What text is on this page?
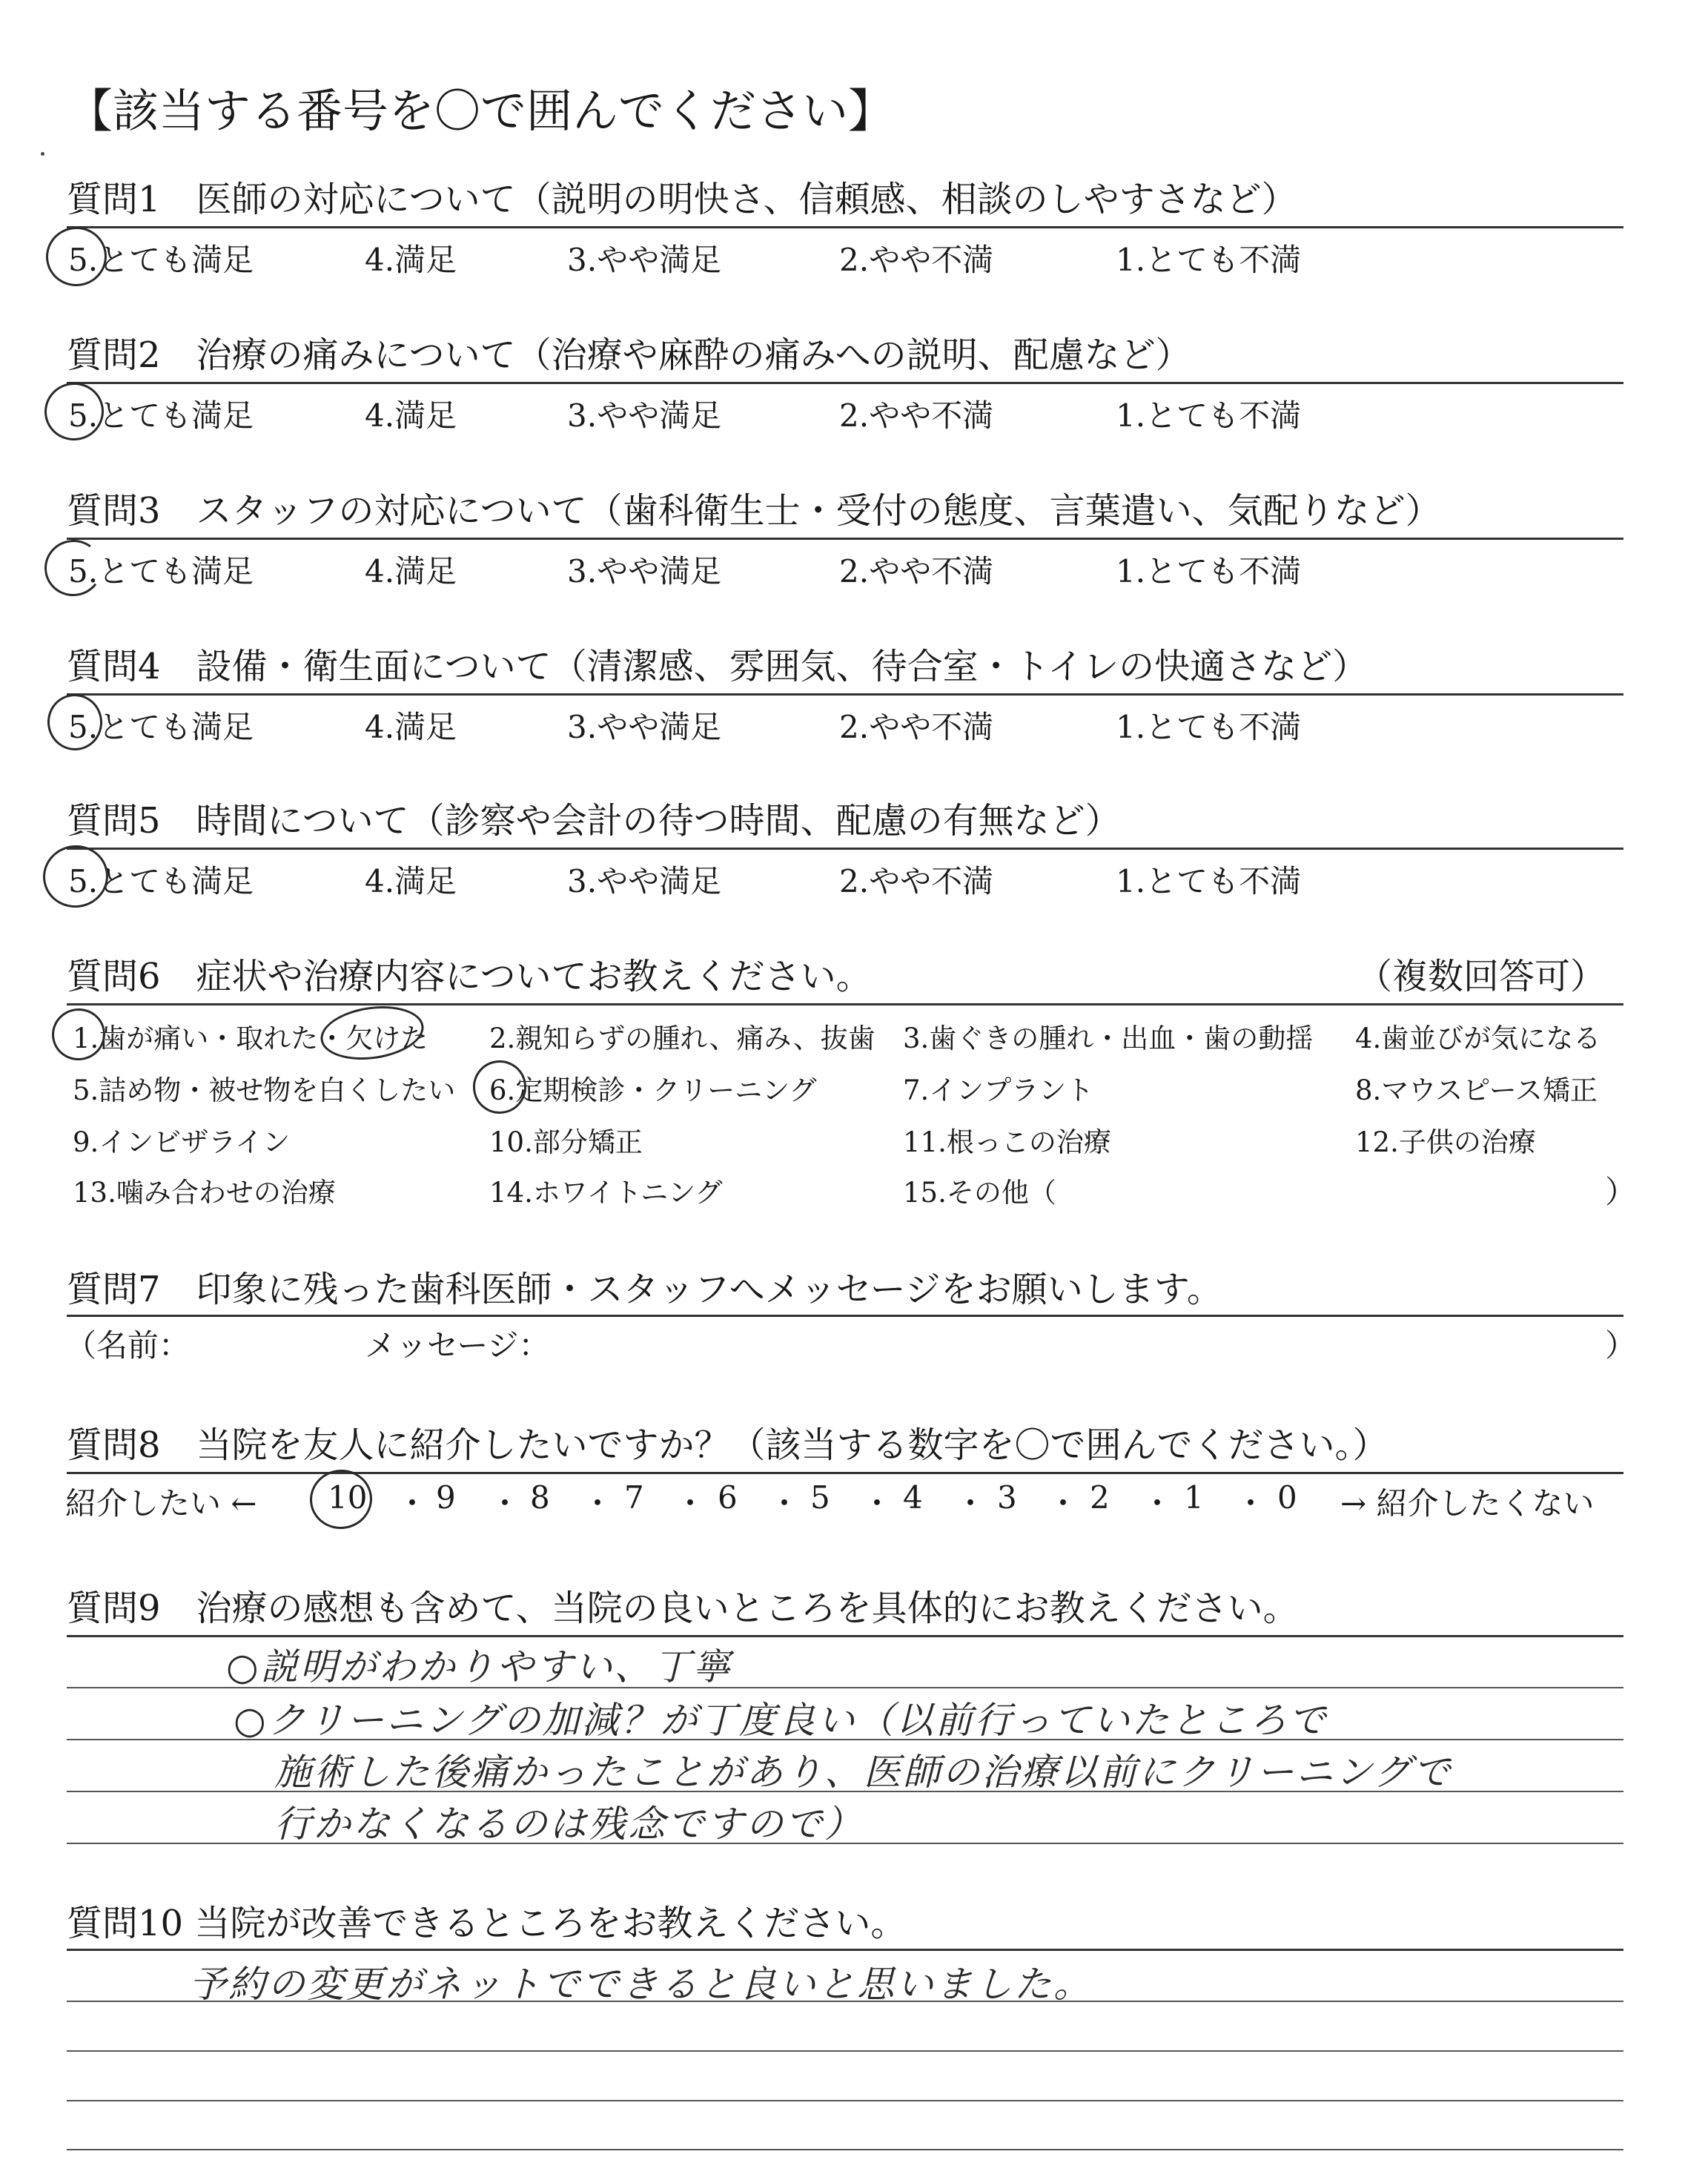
【該当する番号を〇で囲んでください】
質問1　医師の対応について（説明の明快さ、信頼感、相談のしやすさなど）
5.とても満足	4.満足	3.やや満足	2.やや不満	1.とても不満
質問2　治療の痛みについて（治療や麻酔の痛みへの説明、配慮など）
5.とても満足	4.満足	3.やや満足	2.やや不満	1.とても不満
質問3　スタッフの対応について（歯科衛生士・受付の態度、言葉遣い、気配りなど）
5.とても満足	4.満足	3.やや満足	2.やや不満	1.とても不満
質問4　設備・衛生面について（清潔感、雰囲気、待合室・トイレの快適さなど）
5.とても満足	4.満足	3.やや満足	2.やや不満	1.とても不満
質問5　時間について（診察や会計の待つ時間、配慮の有無など）
5.とても満足	4.満足	3.やや満足	2.やや不満	1.とても不満
質問6　症状や治療内容についてお教えください。	（複数回答可）
1.歯が痛い・取れた・欠けた 2.親知らずの腫れ、痛み、抜歯 3.歯ぐきの腫れ・出血・歯の動揺 4.歯並びが気になる
5.詰め物・被せ物を白くしたい 6.定期検診・クリーニング	7.インプラント	8.マウスピース矯正
9.インビザライン	10.部分矯正	11.根っこの治療	12.子供の治療
13.噛み合わせの治療	14.ホワイトニング	15.その他（	）
質問7　印象に残った歯科医師・スタッフへメッセージをお願いします。
（名前：	メッセージ：	）
質問8　当院を友人に紹介したいですか？（該当する数字を〇で囲んでください。）
紹介したい ← 10 ・ 9 ・ 8 ・ 7 ・ 6 ・ 5 ・ 4 ・ 3 ・ 2 ・ 1 ・ 0 → 紹介したくない
質問9　治療の感想も含めて、当院の良いところを具体的にお教えください。
○説明がわかりやすい、丁寧
○クリーニングの加減？が丁度良い（以前行っていたところで
施術した後痛かったことがあり、医師の治療以前にクリーニングで
行かなくなるのは残念ですので）
質問10 当院が改善できるところをお教えください。
予約の変更がネットでできると良いと思いました。
